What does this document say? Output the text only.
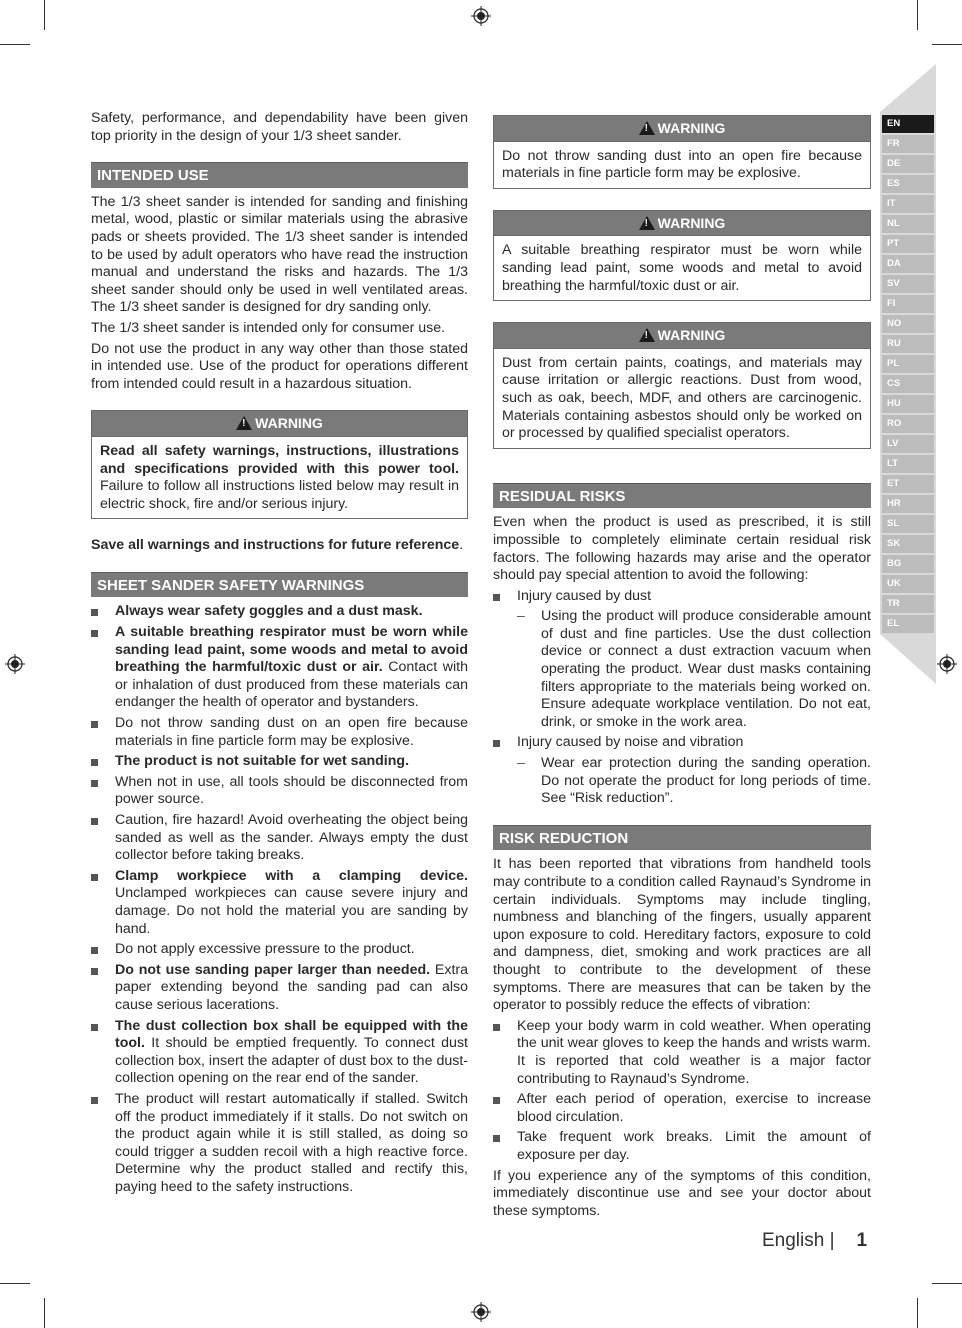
EN
FR
DE
ES
IT
NL
PT
DA
SV
FI
NO
RU
PL
CS
HU
RO
LV
LT
ET
HR
SL
SK
BG
UK
TR
EL

Safety, performance, and dependability have been given top priority in the design of your 1/3 sheet sander.

INTENDED USE

The 1/3 sheet sander is intended for sanding and finishing metal, wood, plastic or similar materials using the abrasive pads or sheets provided. The 1/3 sheet sander is intended to be used by adult operators who have read the instruction manual and understand the risks and hazards. The 1/3 sheet sander should only be used in well ventilated areas. The 1/3 sheet sander is designed for dry sanding only.

The 1/3 sheet sander is intended only for consumer use.

Do not use the product in any way other than those stated in intended use. Use of the product for operations different from intended could result in a hazardous situation.

!WARNING
Read all safety warnings, instructions, illustrations and specifications provided with this power tool. Failure to follow all instructions listed below may result in electric shock, fire and/or serious injury.

Save all warnings and instructions for future reference.

SHEET SANDER SAFETY WARNINGS
Always wear safety goggles and a dust mask.
A suitable breathing respirator must be worn while sanding lead paint, some woods and metal to avoid breathing the harmful/toxic dust or air. Contact with or inhalation of dust produced from these materials can endanger the health of operator and bystanders.
Do not throw sanding dust on an open fire because materials in fine particle form may be explosive.
The product is not suitable for wet sanding.
When not in use, all tools should be disconnected from power source.
Caution, fire hazard! Avoid overheating the object being sanded as well as the sander. Always empty the dust collector before taking breaks.
Clamp workpiece with a clamping device. Unclamped workpieces can cause severe injury and damage. Do not hold the material you are sanding by hand.
Do not apply excessive pressure to the product.
Do not use sanding paper larger than needed. Extra paper extending beyond the sanding pad can also cause serious lacerations.
The dust collection box shall be equipped with the tool. It should be emptied frequently. To connect dust collection box, insert the adapter of dust box to the dust-collection opening on the rear end of the sander.
The product will restart automatically if stalled. Switch off the product immediately if it stalls. Do not switch on the product again while it is still stalled, as doing so could trigger a sudden recoil with a high reactive force. Determine why the product stalled and rectify this, paying heed to the safety instructions.
!WARNING
Do not throw sanding dust into an open fire because materials in fine particle form may be explosive.
!WARNING
A suitable breathing respirator must be worn while sanding lead paint, some woods and metal to avoid breathing the harmful/toxic dust or air.
!WARNING
Dust from certain paints, coatings, and materials may cause irritation or allergic reactions. Dust from wood, such as oak, beech, MDF, and others are carcinogenic. Materials containing asbestos should only be worked on or processed by qualified specialist operators.
RESIDUAL RISKS

Even when the product is used as prescribed, it is still impossible to completely eliminate certain residual risk factors. The following hazards may arise and the operator should pay special attention to avoid the following:

Injury caused by dust
– Using the product will produce considerable amount of dust and fine particles. Use the dust collection device or connect a dust extraction vacuum when operating the product. Wear dust masks containing filters appropriate to the materials being worked on. Ensure adequate workplace ventilation. Do not eat, drink, or smoke in the work area.
Injury caused by noise and vibration
– Wear ear protection during the sanding operation. Do not operate the product for long periods of time. See “Risk reduction”.
RISK REDUCTION

It has been reported that vibrations from handheld tools may contribute to a condition called Raynaud’s Syndrome in certain individuals. Symptoms may include tingling, numbness and blanching of the fingers, usually apparent upon exposure to cold. Hereditary factors, exposure to cold and dampness, diet, smoking and work practices are all thought to contribute to the development of these symptoms. There are measures that can be taken by the operator to possibly reduce the effects of vibration:

Keep your body warm in cold weather. When operating the unit wear gloves to keep the hands and wrists warm. It is reported that cold weather is a major factor contributing to Raynaud’s Syndrome.
After each period of operation, exercise to increase blood circulation.
Take frequent work breaks. Limit the amount of exposure per day.

If you experience any of the symptoms of this condition, immediately discontinue use and see your doctor about these symptoms.

English | 1
